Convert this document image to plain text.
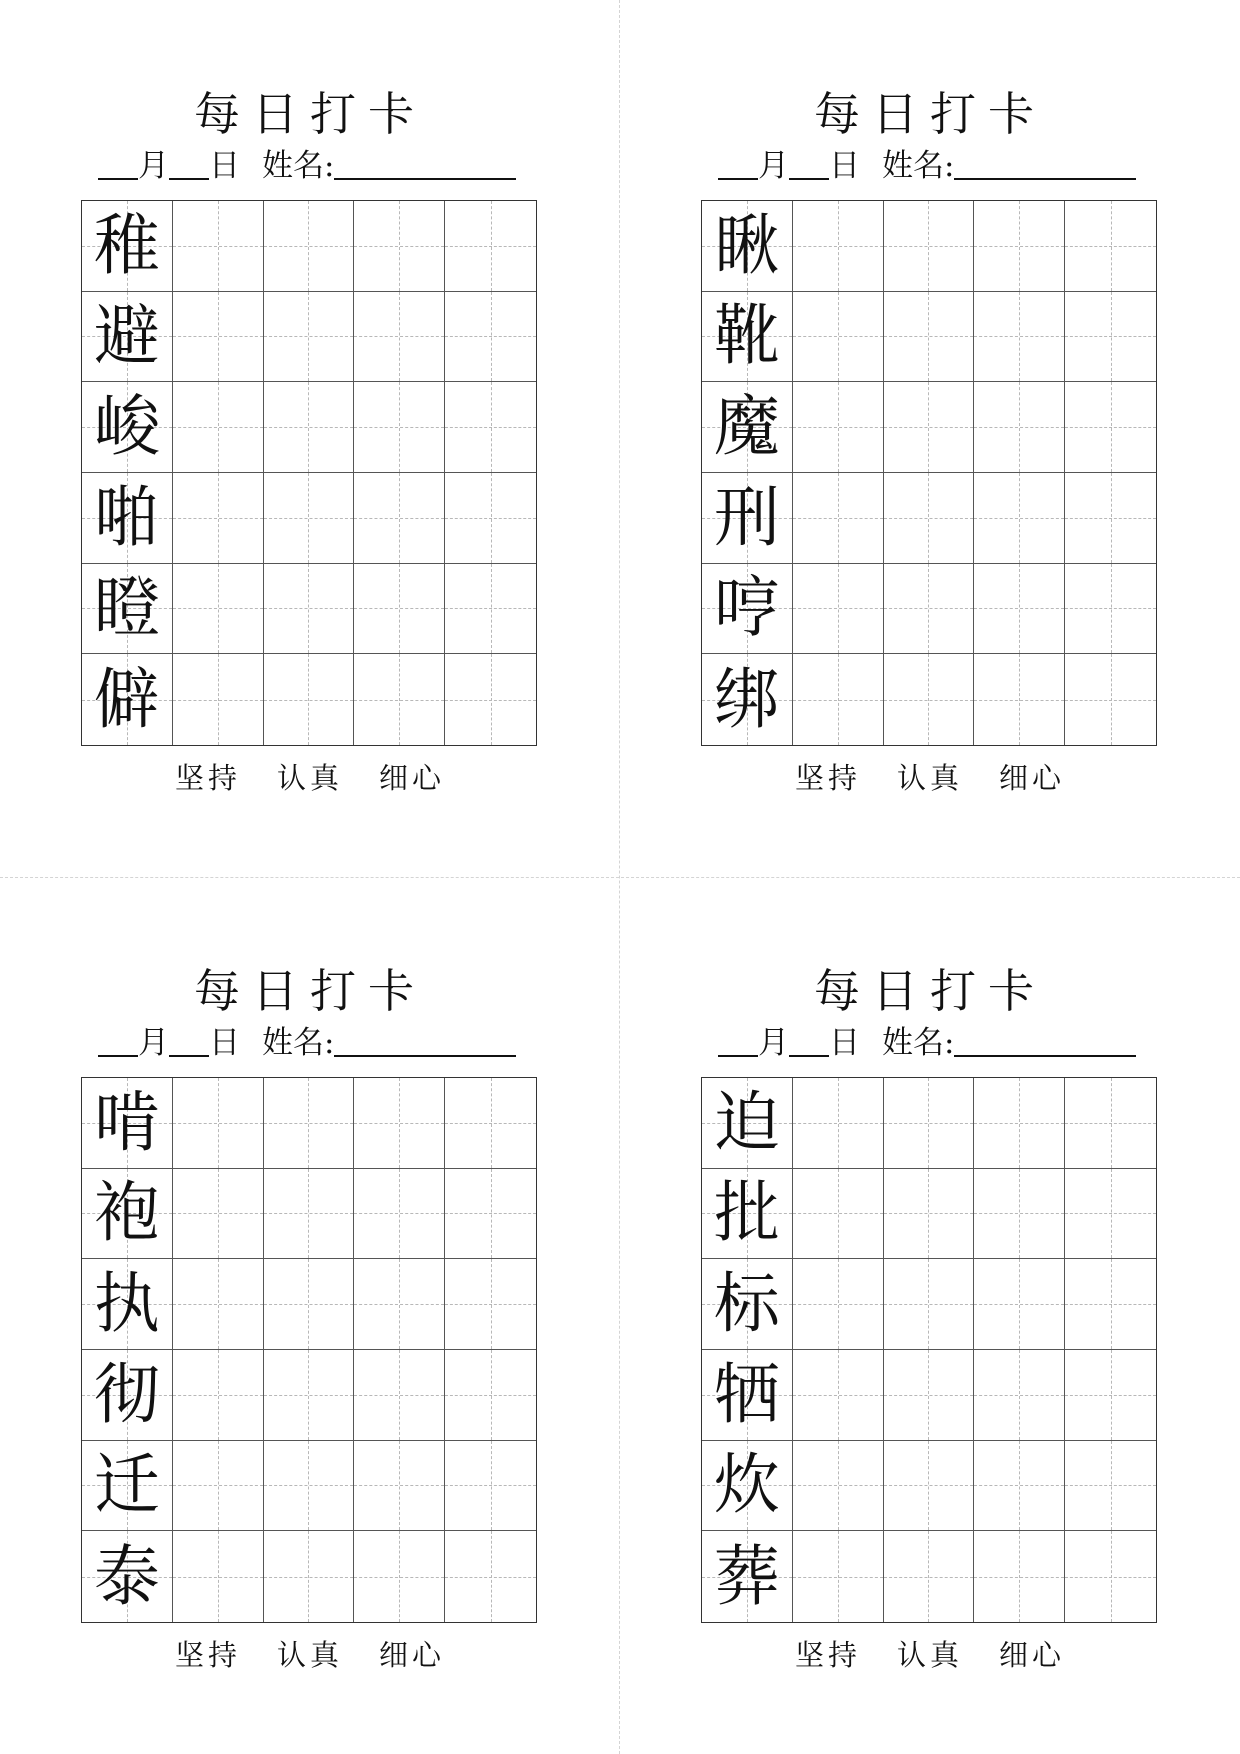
每日打卡
月 日 姓名:
稚
避
峻
啪
瞪
僻
坚持 认真 细心
每日打卡
月 日 姓名:
瞅
靴
魔
刑
哼
绑
坚持 认真 细心
每日打卡
月 日 姓名:
啃
袍
执
彻
迁
泰
坚持 认真 细心
每日打卡
月 日 姓名:
迫
批
标
牺
炊
葬
坚持 认真 细心
